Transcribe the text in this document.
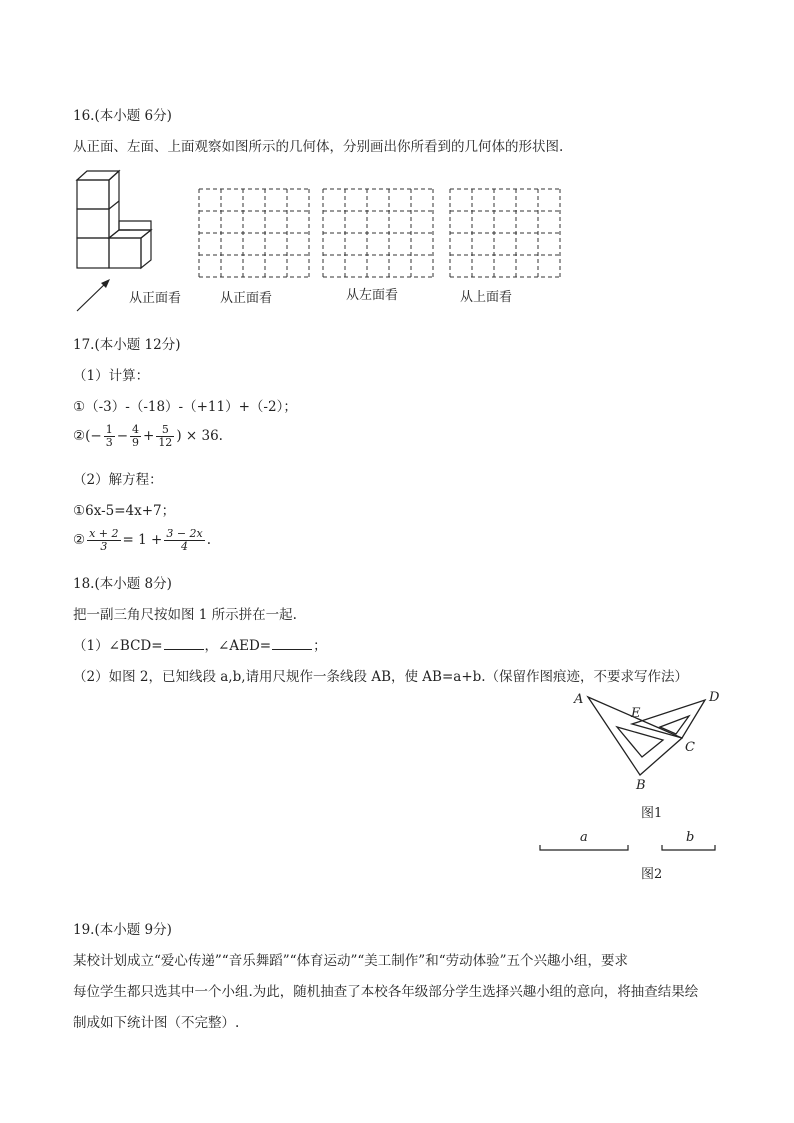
16.(本小题 6分)
从正面、左面、上面观察如图所示的几何体，分别画出你所看到的几何体的形状图.
从正面看	从正面看	从左面看	从上面看
17.(本小题 12分)
（1）计算：
①（-3）-（-18）-（+11）+（-2）；
②(− $\frac{1}{3} - \frac{4}{9} + \frac{5}{12}$ ) × 36.
（2）解方程：
①6x-5=4x+7；
② $\frac{x + 2}{3} = 1 + \frac{3 - 2x}{4}$ .
18.(本小题 8分)
把一副三角尺按如图 1 所示拼在一起.
（1）∠BCD=	，∠AED=	；
（2）如图 2，已知线段 a,b,请用尺规作一条线段 AB，使 AB=a+b.（保留作图痕迹，不要求写作法）
A	D
E
C
B
图1
a	b
图2
19.(本小题 9分)
某校计划成立“爱心传递”“音乐舞蹈”“体育运动”“美工制作”和“劳动体验”五个兴趣小组，要求
每位学生都只选其中一个小组.为此，随机抽查了本校各年级部分学生选择兴趣小组的意向，将抽查结果绘
制成如下统计图（不完整）.
